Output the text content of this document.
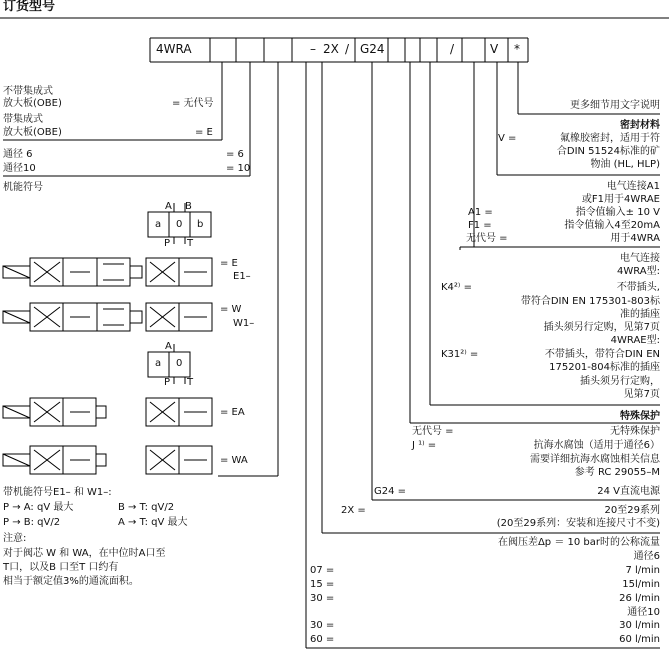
订货型号
4WRA	– 2X / G24	/	V *
不带集成式
放大板(OBE)	= 无代号
带集成式
放大板(OBE)	= E
通径 6	= 6
通径10	= 10
机能符号
A B
a 0 b
P T
= E
E1–
= W
W1–
A
a 0
P T
= EA
= WA
带机能符号E1– 和 W1–:
P → A: qV 最大	B → T: qV/2
P → B: qV/2	A → T: qV 最大
注意:
对于阀芯 W 和 WA，在中位时A口至
T口，以及B 口至T 口约有
相当于额定值3%的通流面积。
更多细节用文字说明
密封材料
V =	氟橡胶密封，适用于符
合DIN 51524标准的矿
物油 (HL, HLP)
电气连接A1
或F1用于4WRAE
A1 =	指令值输入± 10 V
F1 =	指令值输入4至20mA
无代号 =	用于4WRA
电气连接
4WRA型:
K4²⁾ =	不带插头,
带符合DIN EN 175301-803标
准的插座
插头须另行定购，见第7页
4WRAE型:
K31²⁾ =	不带插头，带符合DIN EN
175201-804标准的插座
插头须另行定购，
见第7页
特殊保护
无代号 =	无特殊保护
J ¹⁾ =	抗海水腐蚀（适用于通径6）
需要详细抗海水腐蚀相关信息
参考 RC 29055–M
G24 =	24 V直流电源
2X =	20至29系列
(20至29系列：安装和连接尺寸不变)
在阀压差Δp ＝ 10 bar时的公称流量
通径6
07 =	7 l/min
15 =	15l/min
30 =	26 l/min
通径10
30 =	30 l/min
60 =	60 l/min
